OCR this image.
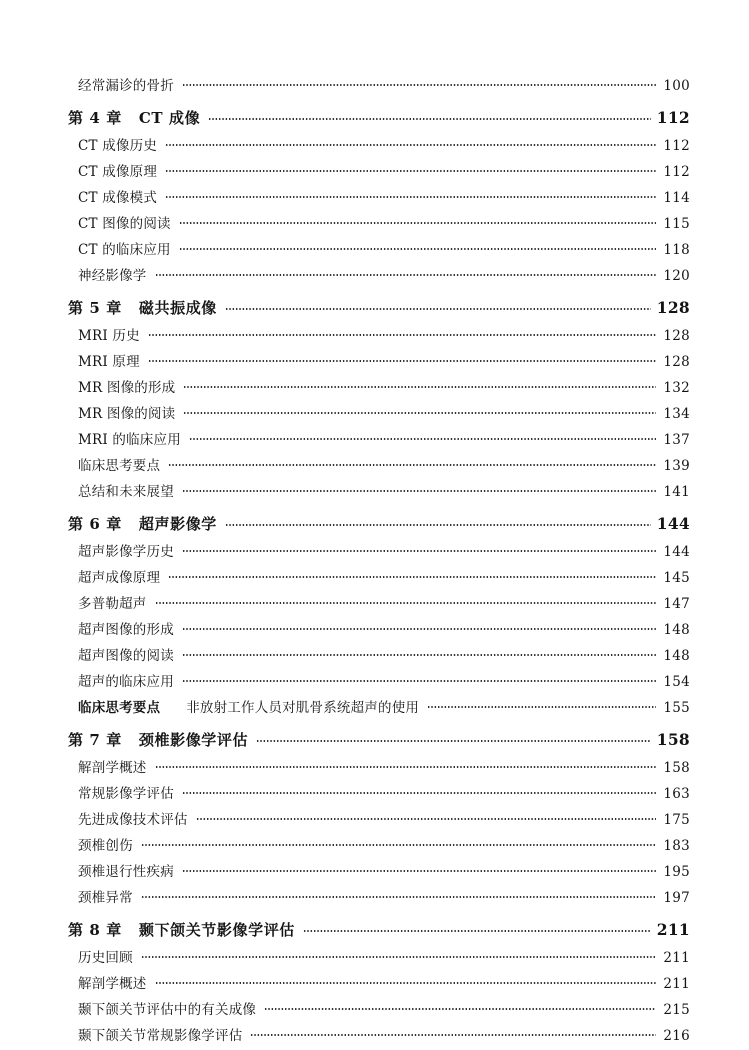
经常漏诊的骨折	100
第 4 章 CT 成像	112
CT 成像历史	112
CT 成像原理	112
CT 成像模式	114
CT 图像的阅读	115
CT 的临床应用	118
神经影像学	120
第 5 章 磁共振成像	128
MRI 历史	128
MRI 原理	128
MR 图像的形成	132
MR 图像的阅读	134
MRI 的临床应用	137
临床思考要点	139
总结和未来展望	141
第 6 章 超声影像学	144
超声影像学历史	144
超声成像原理	145
多普勒超声	147
超声图像的形成	148
超声图像的阅读	148
超声的临床应用	154
临床思考要点 非放射工作人员对肌骨系统超声的使用	155
第 7 章 颈椎影像学评估	158
解剖学概述	158
常规影像学评估	163
先进成像技术评估	175
颈椎创伤	183
颈椎退行性疾病	195
颈椎异常	197
第 8 章 颞下颌关节影像学评估	211
历史回顾	211
解剖学概述	211
颞下颌关节评估中的有关成像	215
颞下颌关节常规影像学评估	216
